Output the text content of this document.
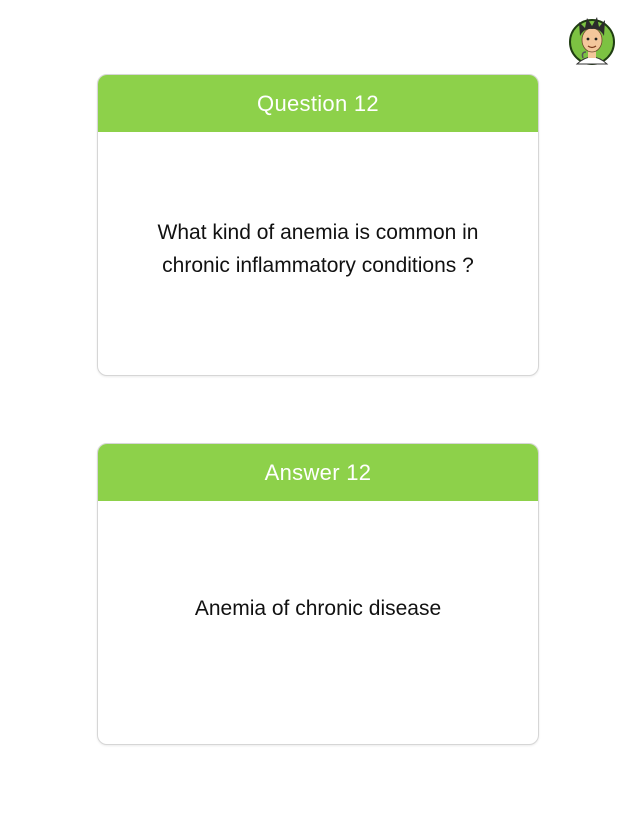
Question 12
What kind of anemia is common in chronic inflammatory conditions ?
Answer 12
Anemia of chronic disease
